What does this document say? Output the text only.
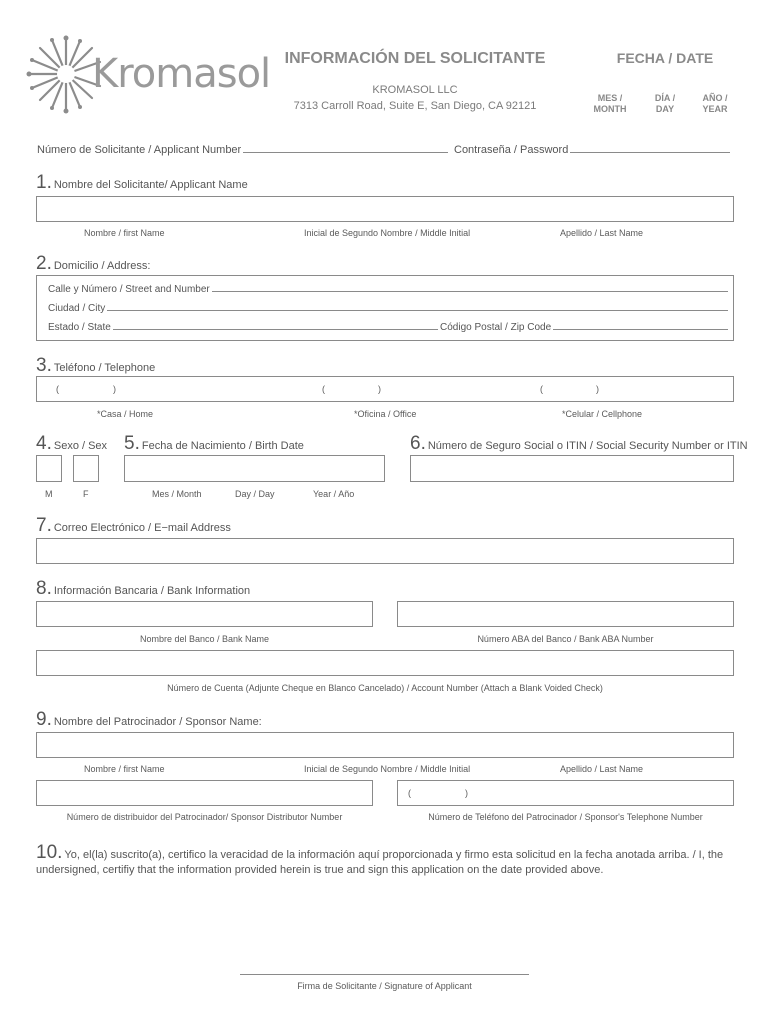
Kromasol INFORMACIÓN DEL SOLICITANTE
KROMASOL LLC
7313 Carroll Road, Suite E, San Diego, CA 92121
FECHA / DATE
MES /
MONTH
DÍA /
DAY
AÑO /
YEAR
Número de Solicitante / Applicant Number	Contraseña / Password
1. Nombre del Solicitante/ Applicant Name
Nombre / first Name	Inicial de Segundo Nombre / Middle Initial	Apellido / Last Name
2. Domicilio / Address:
Calle y Número / Street and Number
Ciudad / City
Estado / State	Código Postal / Zip Code
3. Teléfono / Telephone
(	)	(	)	(	)
*Casa / Home	*Oficina / Office	*Celular / Cellphone
4. Sexo / Sex
M	F
5. Fecha de Nacimiento / Birth Date
Mes / Month	Day / Day	Year / Año
6. Número de Seguro Social o ITIN / Social Security Number or ITIN
7. Correo Electrónico / E−mail Address
8. Información Bancaria / Bank Information
Nombre del Banco / Bank Name	Número ABA del Banco / Bank ABA Number
Número de Cuenta (Adjunte Cheque en Blanco Cancelado) / Account Number (Attach a Blank Voided Check)
9. Nombre del Patrocinador / Sponsor Name:
Nombre / first Name	Inicial de Segundo Nombre / Middle Initial	Apellido / Last Name
(	)
Número de distribuidor del Patrocinador/ Sponsor Distributor Number	Número de Teléfono del Patrocinador / Sponsor's Telephone Number
10. Yo, el(la) suscrito(a), certifico la veracidad de la información aquí proporcionada y firmo esta solicitud en la fecha anotada arriba. / I, the undersigned, certifiy that the information provided herein is true and sign this application on the date provided above.
Firma de Solicitante / Signature of Applicant
